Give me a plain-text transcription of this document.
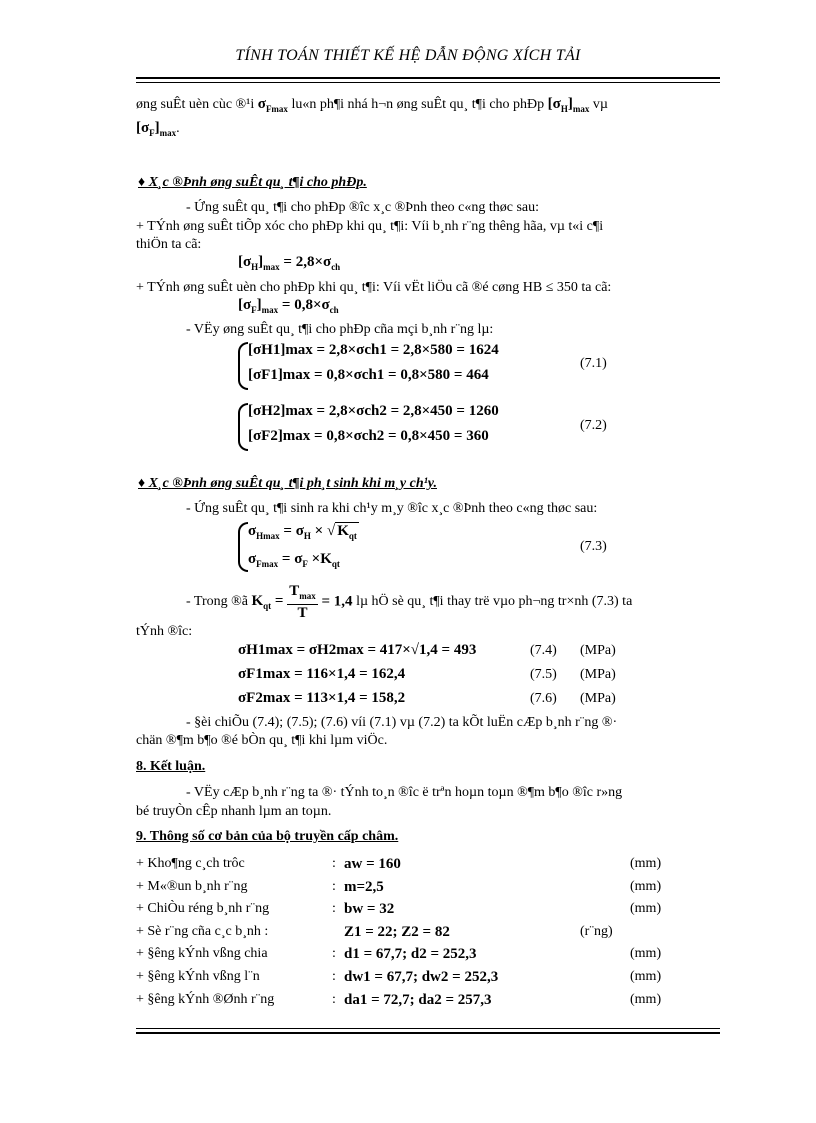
TÍNH TOÁN THIẾT KẾ HỆ DẪN ĐỘNG XÍCH TẢI
øng suÊt uèn cùc ®¹i $\sigma_{Fmax}$ lu«n ph¶i nhá h¬n øng suÊt qu¸ t¶i cho phÐp $[\sigma_H]_{max}$ vµ
$[\sigma_F]_{max}$.
♦ X¸c ®Þnh øng suÊt qu¸ t¶i cho phÐp.
- Ứng suÊt qu¸ t¶i cho phÐp ®îc x¸c ®Þnh theo c«ng thøc sau:
+ TÝnh øng suÊt tiÕp xóc cho phÐp khi qu¸ t¶i: Víi b¸nh r¨ng thêng hãa, vµ t«i c¶i
thiÖn ta cã:
$[\sigma_H]_{max} = 2,8\times\sigma_{ch}$
+ TÝnh øng suÊt uèn cho phÐp khi qu¸ t¶i: Víi vËt liÖu cã ®é cøng HB ≤ 350 ta cã:
$[\sigma_F]_{max} = 0,8\times\sigma_{ch}$
- VËy øng suÊt qu¸ t¶i cho phÐp cña mçi b¸nh r¨ng lµ:
[σH1]max = 2,8×σch1 = 2,8×580 = 1624
[σF1]max = 0,8×σch1 = 0,8×580 = 464
(7.1)
[σH2]max = 2,8×σch2 = 2,8×450 = 1260
[σF2]max = 0,8×σch2 = 0,8×450 = 360
(7.2)
♦ X¸c ®Þnh øng suÊt qu¸ t¶i ph¸t sinh khi m¸y ch¹y.
- Ứng suÊt qu¸ t¶i sinh ra khi ch¹y m¸y ®îc x¸c ®Þnh theo c«ng thøc sau:
$\sigma_{Hmax} = \sigma_H$ × √ $K_{qt}$
$\sigma_{Fmax} = \sigma_F \times K_{qt}$
(7.3)
- Trong ®ã $K_{qt} = \frac{T_{max}}{T} = 1,4$ lµ hÖ sè qu¸ t¶i thay trë vµo ph¬ng tr×nh (7.3) ta
tÝnh ®îc:
σH1max = σH2max = 417×√1,4 = 493	(7.4) (MPa)
σF1max = 116×1,4 = 162,4	(7.5) (MPa)
σF2max = 113×1,4 = 158,2	(7.6) (MPa)
- §èi chiÕu (7.4); (7.5); (7.6) víi (7.1) vµ (7.2) ta kÕt luËn cÆp b¸nh r¨ng ®·
chän ®¶m b¶o ®é bÒn qu¸ t¶i khi lµm viÖc.
8. Kết luận.
- VËy cÆp b¸nh r¨ng ta ®· tÝnh to¸n ®îc ë trªn hoµn toµn ®¶m b¶o ®îc r»ng
bé truyÒn cÊp nhanh lµm an toµn.
9. Thông số cơ bản của bộ truyền cấp châm.
+ Kho¶ng c¸ch trôc	: aw = 160	(mm)
+ M«®un b¸nh r¨ng	: m=2,5	(mm)
+ ChiÒu réng b¸nh r¨ng	: bw = 32	(mm)
+ Sè r¨ng cña c¸c b¸nh :	Z1 = 22; Z2 = 82	(r¨ng)
+ §êng kÝnh vßng chia	: d1 = 67,7; d2 = 252,3	(mm)
+ §êng kÝnh vßng l¨n	: dw1 = 67,7; dw2 = 252,3	(mm)
+ §êng kÝnh ®Ønh r¨ng	: da1 = 72,7; da2 = 257,3	(mm)
